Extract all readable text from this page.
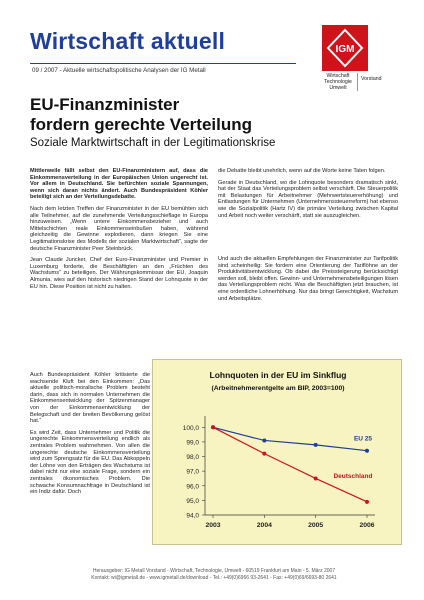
Wirtschaft aktuell
09 / 2007 - Aktuelle wirtschaftspolitische Analysen der IG Metall
IGM
Wirtschaft
Technologie
Umwelt
Vorstand
EU-Finanzminister
fordern gerechte Verteilung
Soziale Marktwirtschaft in der Legitimationskrise

Mittlerweile fällt selbst den EU-Finanzministern auf, dass die Einkommensverteilung in der Europäischen Union ungerecht ist. Vor allem in Deutschland. Sie befürchten soziale Spannungen, wenn sich daran nichts ändert. Auch Bundespräsident Köhler beteiligt sich an der Verteilungsdebatte.

Nach dem letzten Treffen der Finanzminister in der EU bemühten sich alle Teilnehmer, auf die zunehmende Verteilungsschieflage in Europa hinzuweisen. „Wenn untere Einkommensbezieher und auch Mittelschichten reale Einkommenseinbußen haben, während gleichzeitig die Gewinne explodieren, dann kriegen Sie eine Legitimationskrise des Modells der sozialen Marktwirtschaft“, sagte der deutsche Finanzminister Peer Steinbrück.

Jean Claude Juncker, Chef der Euro-Finanzminister und Premier in Luxemburg forderte, die Beschäftigten an den „Früchten des Wachstums“ zu beteiligen. Der Währungskommissar der EU, Joaquin Almunia, wies auf den historisch niedrigen Stand der Lohnquote in der EU hin. Diese Position ist nicht zu halten.

Auch Bundespräsident Köhler kritisierte die wachsende Kluft bei den Einkommen: „Das aktuelle politisch-moralische Problem besteht darin, dass sich in normalen Unternehmen die Einkommensentwicklung der Spitzenmanager von der Einkommensentwicklung der Belegschaft und der breiten Bevölkerung gelöst hat.“

Es wird Zeit, dass Unternehmer und Politik die ungerechte Einkommensverteilung endlich als zentrales Problem wahrnehmen. Von allen die ungerechte deutsche Einkommensverteilung wird zum Sprengsatz für die EU. Das Abkoppeln der Löhne von den Erträgen des Wachstums ist dabei nicht nur eine soziale Frage, sondern ein zentrales ökonomisches Problem. Die schwache Konsumnachfrage in Deutschland ist ein Indiz dafür. Doch

die Debatte bleibt unehrlich, wenn auf die Worte keine Taten folgen.

Gerade in Deutschland, wo die Lohnquote besonders dramatisch sinkt, hat der Staat das Verteilungsproblem selbst verschärft. Die Steuerpolitik mit Belastungen für Arbeitnehmer (Mehrwertsteuererhöhung) und Entlastungen für Unternehmen (Unternehmenssteuerreform) hat ebenso wie die Sozialpolitik (Hartz IV) die primäre Verteilung zwischen Kapital und Arbeit noch weiter verschärft, statt sie auszugleichen.

Und auch die aktuellen Empfehlungen der Finanzminister zur Tarifpolitik sind scheinheilig: Sie fordern eine Orientierung der Tariflöhne an der Produktivitätsentwicklung. Ob dabei die Preissteigerung berücksichtigt werden soll, bleibt offen. Gewinn- und Unternehmensbeteiligungen lösen das Verteilungsproblem nicht. Was die Beschäftigten jetzt brauchen, ist eine ordentliche Lohnerhöhung. Nur das bringt Gerechtigkeit, Wachstum und Arbeitsplätze.

Lohnquoten in der EU im Sinkflug
(Arbeitnehmerentgelte am BIP, 2003=100)
100,0
99,0
98,0
97,0
96,0
95,0
94,0
2003	2004	2005	2006
EU 25
Deutschland
Herausgeber: IG Metall Vorstand - Wirtschaft, Technologie, Umwelt - 60519 Frankfurt am Main - 5. März 2007
Kontakt: wi@igmetall.de - www.igmetall.de/download - Tel.: +49(0)6966 93-2641 - Fax: +49(0)69/6693-80 2641
